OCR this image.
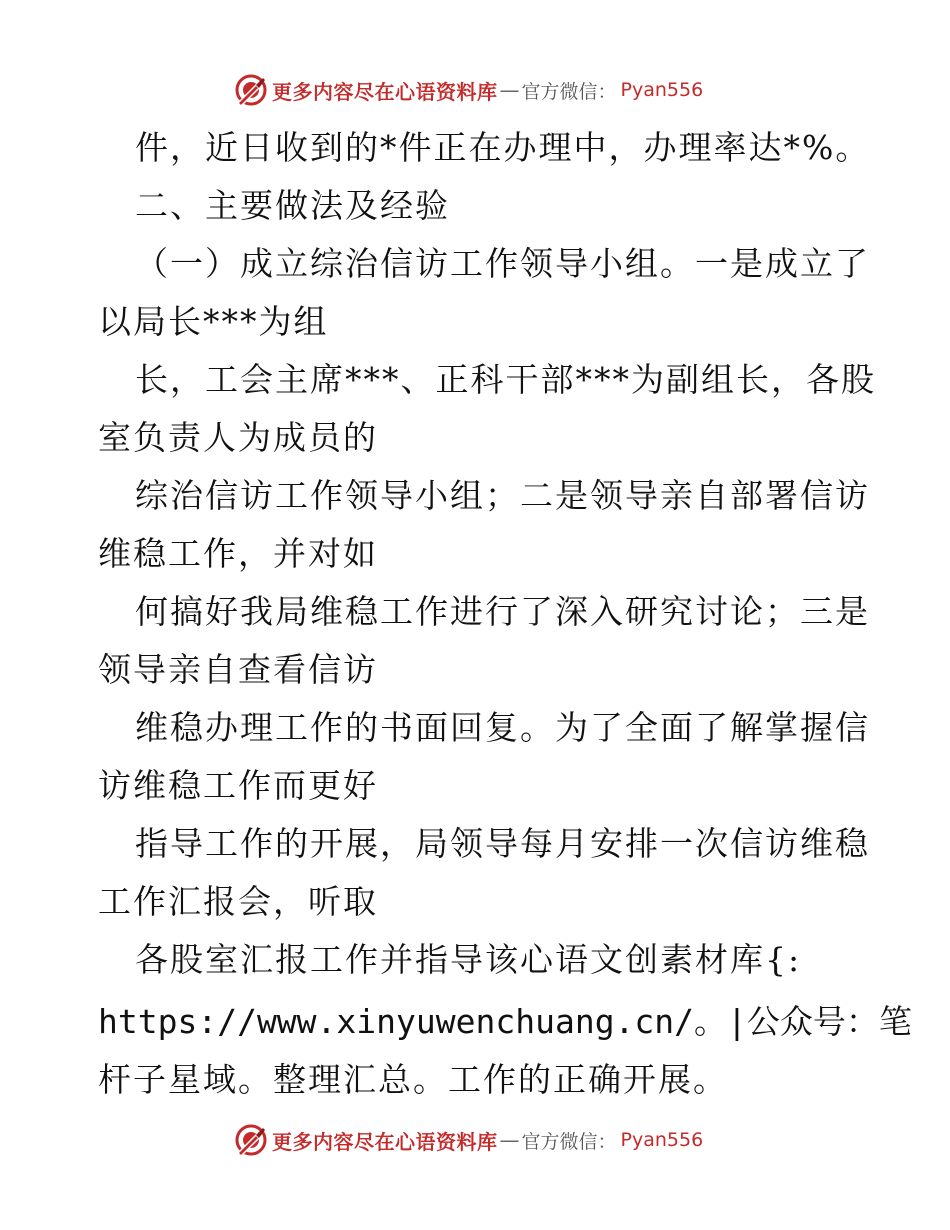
更多内容尽在心语资料库 — 官方微信： Pyan556
件，近日收到的*件正在办理中，办理率达*%。
二、主要做法及经验
（一）成立综治信访工作领导小组。一是成立了
以局长***为组
长，工会主席***、正科干部***为副组长，各股
室负责人为成员的
综治信访工作领导小组；二是领导亲自部署信访
维稳工作，并对如
何搞好我局维稳工作进行了深入研究讨论；三是
领导亲自查看信访
维稳办理工作的书面回复。为了全面了解掌握信
访维稳工作而更好
指导工作的开展，局领导每月安排一次信访维稳
工作汇报会，听取
各股室汇报工作并指导该心语文创素材库{:
https://www.xinyuwenchuang.cn/。|公众号：笔
杆子星域。整理汇总。工作的正确开展。
更多内容尽在心语资料库 — 官方微信： Pyan556
